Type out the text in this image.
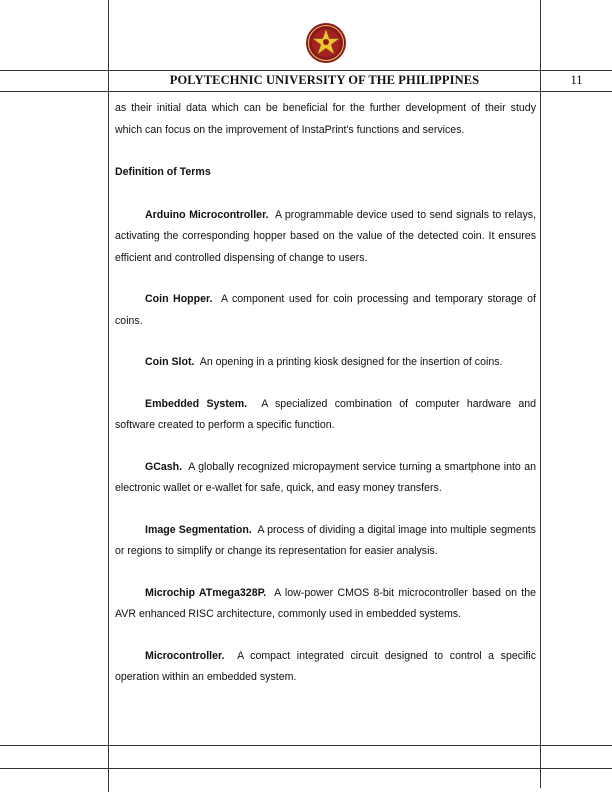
POLYTECHNIC UNIVERSITY OF THE PHILIPPINES	11

as their initial data which can be beneficial for the further development of their study which can focus on the improvement of InstaPrint's functions and services.

Definition of Terms

Arduino Microcontroller. A programmable device used to send signals to relays, activating the corresponding hopper based on the value of the detected coin. It ensures efficient and controlled dispensing of change to users.

Coin Hopper. A component used for coin processing and temporary storage of coins.

Coin Slot. An opening in a printing kiosk designed for the insertion of coins.

Embedded System. A specialized combination of computer hardware and software created to perform a specific function.

GCash. A globally recognized micropayment service turning a smartphone into an electronic wallet or e-wallet for safe, quick, and easy money transfers.

Image Segmentation. A process of dividing a digital image into multiple segments or regions to simplify or change its representation for easier analysis.

Microchip ATmega328P. A low-power CMOS 8-bit microcontroller based on the AVR enhanced RISC architecture, commonly used in embedded systems.

Microcontroller. A compact integrated circuit designed to control a specific operation within an embedded system.
